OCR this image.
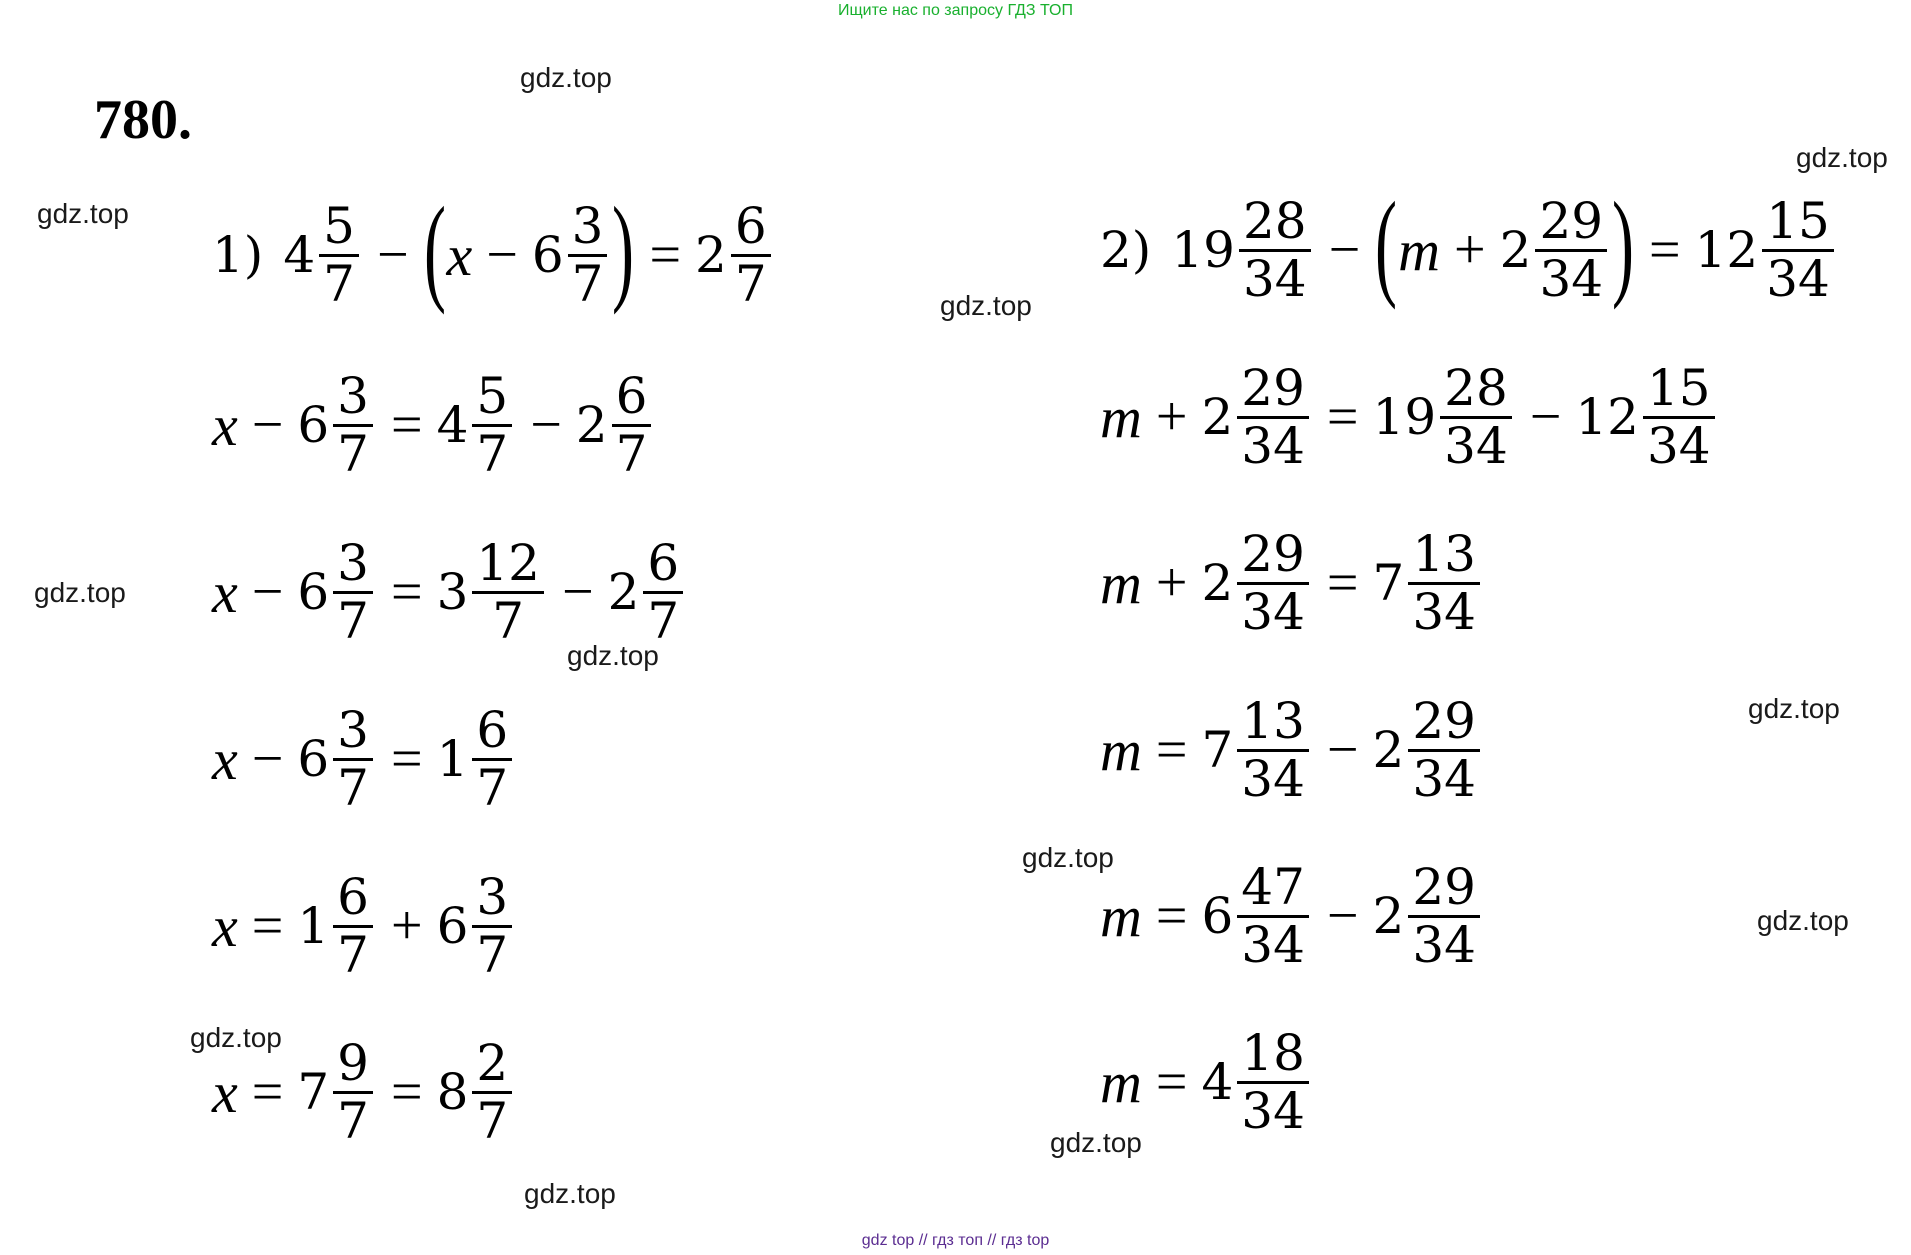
Ищите нас по запросу ГДЗ ТОП
780.
gdz.top
gdz.top
gdz.top
gdz.top
gdz.top
gdz.top
gdz.top
gdz.top
gdz.top
gdz.top
gdz.top
gdz.top
1) $4 \frac{5}{7}$ − ( $x - 6 \frac{3}{7}$ ) = $2 \frac{6}{7}$
$x - 6 \frac{3}{7} = 4 \frac{5}{7} - 2 \frac{6}{7}$
$x - 6 \frac{3}{7} = 3 \frac{12}{7} - 2 \frac{6}{7}$
$x - 6 \frac{3}{7} = 1 \frac{6}{7}$
$x = 1 \frac{6}{7} + 6 \frac{3}{7}$
$x = 7 \frac{9}{7} = 8 \frac{2}{7}$
2) $19 \frac{28}{34}$ − ( $m + 2 \frac{29}{34}$ ) = $12 \frac{15}{34}$
$m + 2 \frac{29}{34} = 19 \frac{28}{34} - 12 \frac{15}{34}$
$m + 2 \frac{29}{34} = 7 \frac{13}{34}$
$m = 7 \frac{13}{34} - 2 \frac{29}{34}$
$m = 6 \frac{47}{34} - 2 \frac{29}{34}$
$m = 4 \frac{18}{34}$
gdz top // гдз топ // гдз top
